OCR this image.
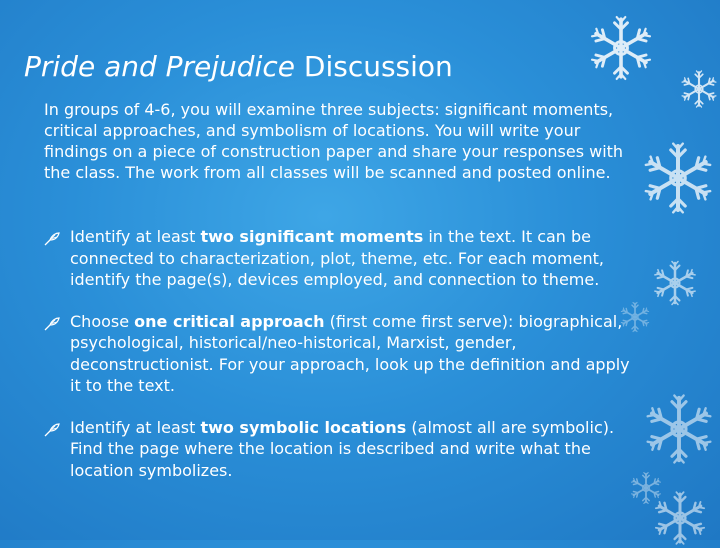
Pride and Prejudice Discussion

In groups of 4-6, you will examine three subjects: significant moments, critical approaches, and symbolism of locations. You will write your findings on a piece of construction paper and share your responses with the class. The work from all classes will be scanned and posted online.

Identify at least two significant moments in the text. It can be connected to characterization, plot, theme, etc. For each moment, identify the page(s), devices employed, and connection to theme.
Choose one critical approach (first come first serve): biographical, psychological, historical/neo-historical, Marxist, gender, deconstructionist. For your approach, look up the definition and apply it to the text.
Identify at least two symbolic locations (almost all are symbolic). Find the page where the location is described and write what the location symbolizes.
